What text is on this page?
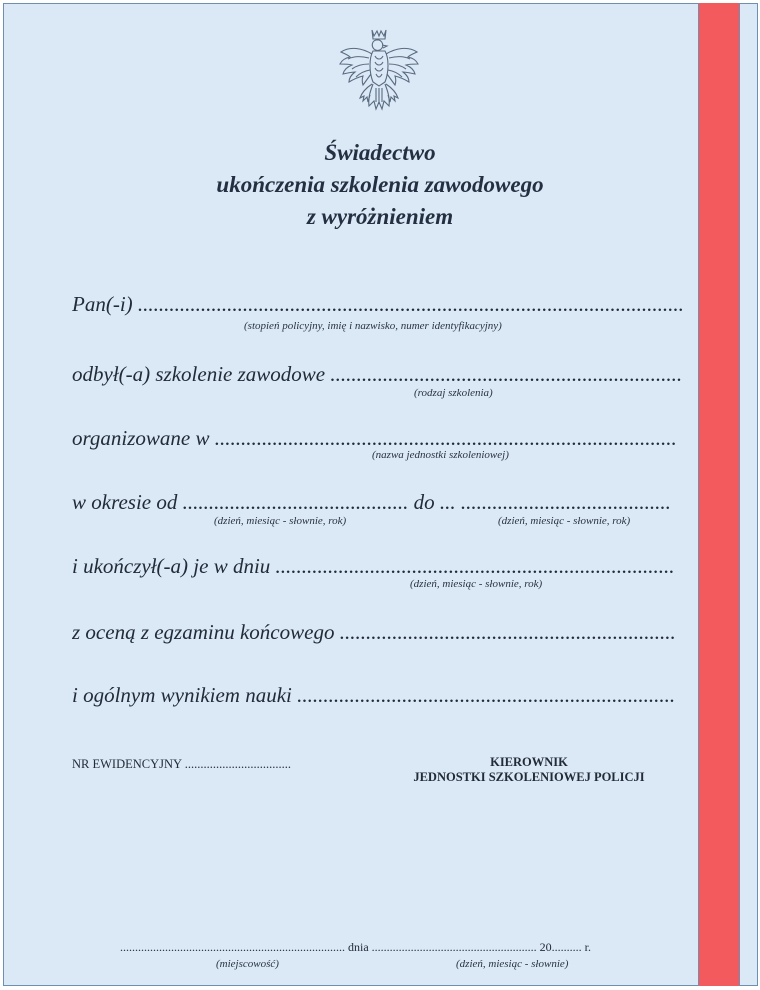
Świadectwo
ukończenia szkolenia zawodowego
z wyróżnieniem
Pan(-i) ........................................................................................................
(stopień policyjny, imię i nazwisko, numer identyfikacyjny)
odbył(-a) szkolenie zawodowe ...................................................................
(rodzaj szkolenia)
organizowane w ........................................................................................
(nazwa jednostki szkoleniowej)
w okresie od ........................................... do ... ........................................
(dzień, miesiąc - słownie, rok)	(dzień, miesiąc - słownie, rok)
i ukończył(-a) je w dniu ............................................................................
(dzień, miesiąc - słownie, rok)
z oceną z egzaminu końcowego ................................................................
i ogólnym wynikiem nauki ........................................................................
NR EWIDENCYJNY ..................................	KIEROWNIK
JEDNOSTKI SZKOLENIOWEJ POLICJI
........................................................................... dnia ....................................................... 20.......... r.
(miejscowość)	(dzień, miesiąc - słownie)
